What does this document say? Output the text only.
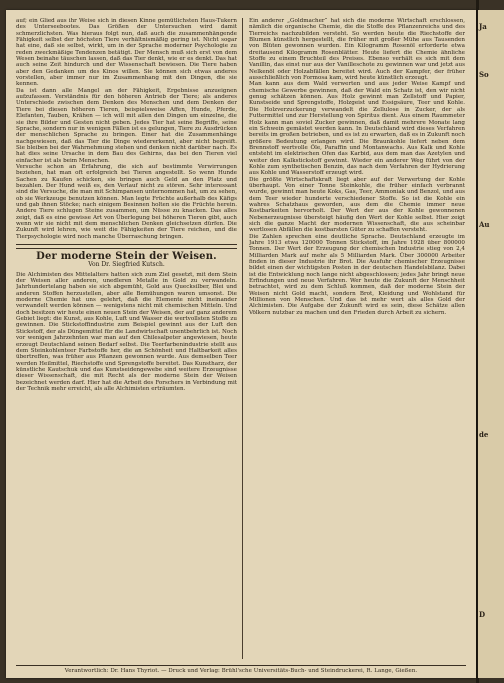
auf; ein Glied aus ihr Weise sich in diesen Kinne gemütlichsten Haus-Tukern des Unterseebootes. Das Größen der Untersuchen wird damit schmerzlichsten. Was hieraus folgt nun, daß auch die zusammenhängende Fähigkeit selbst der höchsten Tiere verhältnismäßig gering ist. Nicht sogar hat eine, daß sie selbst, wirkt, um in der Sprache moderner Psychologie zu reden zweckmäßige Tendenzen betätigt. Der Mensch muß sich erst von dem Wesen beinahe täuschen lassen, daß das Tier denkt, wie er es denkt. Das hat auch seine Zeit hindurch und der Wissenschaft bewiesen. Die Tiere haben aber den Gedanken um des Kinos willen. Sie können sich etwas anderes vorstellen, aber immer nur im Zusammenhang mit den Dingen, die sie kennen.

Da ist dann alle Mangel an der Fähigkeit, Ergebnisse anzueignen aufzufassen. Verständnis für den höheren Antrieb der Tiere; als anderes Unterschiede zwischen dem Denken des Menschen und dem Denken der Tiere bei diesen höheren Tieren, beispielsweise Affen, Hunde, Pferde, Elefanten, Tauben, Krähen — ich will mit allen den Dingen um einzelne, die sie ihre Bilder und Gesten nicht geben. Jedes Tier hat seine Begriffe, seine Sprache, sondern nur in wenigen Fällen ist es gelungen, Tiere zu Ausdrücken der menschlichen Sprache zu bringen. Einer hat die Zusammenhänge nachgewiesen, daß das Tier die Dinge wiedererkennt, aber nicht begreift. Sie bleiben bei der Wahrnehmung stehen und denken nicht darüber nach. Es hat dies seine Ursache in dem Bau des Gehirns, das bei den Tieren viel einfacher ist als beim Menschen.

Versuche schon an Erfahrung, die sich auf bestimmte Verwirrungen beziehen, hat man oft erfolgreich bei Tieren angestellt. So wenn Hunde Sachen zu Kaufen schicken, sie bringen auch Geld an den Platz und bezahlen. Der Hund weiß es, den Verlauf nicht zu stören. Sehr interessant sind die Versuche, die man mit Schimpansen unternommen hat, um zu sehen, ob sie Werkzeuge benutzen können. Man legte Früchte außerhalb des Käfigs und gab ihnen Stöcke; nach einigem Besinnen holten sie die Früchte herein. Andere Tiere schlugen Steine zusammen, um Nüsse zu knacken. Das alles zeigt, daß es eine gewisse Art von Überlegung bei höheren Tieren gibt, auch wenn wir sie nicht mit dem menschlichen Denken gleichsetzen dürfen. Die Zukunft wird lehren, wie weit die Fähigkeiten der Tiere reichen, und die Tierpsychologie wird noch manche Überraschung bringen.

Der moderne Stein der Weisen.
Von Dr. Siegfried Kutsch.

Die Alchimisten des Mittelalters hatten sich zum Ziel gesetzt, mit dem Stein der Weisen aller anderen, unedleren Metalle in Gold zu verwandeln. Jahrhundertelang haben sie sich abgemüht, Gold aus Quecksilber, Blei und anderen Stoffen herzustellen, aber alle Bemühungen waren umsonst. Die moderne Chemie hat uns gelehrt, daß die Elemente nicht ineinander verwandelt werden können — wenigstens nicht mit chemischen Mitteln. Und doch besitzen wir heute einen neuen Stein der Weisen, der auf ganz anderem Gebiet liegt: die Kunst, aus Kohle, Luft und Wasser die wertvollsten Stoffe zu gewinnen. Die Stickstoffindustrie zum Beispiel gewinnt aus der Luft den Stickstoff, der als Düngemittel für die Landwirtschaft unentbehrlich ist. Noch vor wenigen Jahrzehnten war man auf den Chilesalpeter angewiesen, heute erzeugt Deutschland seinen Bedarf selbst. Die Teerfarbenindustrie stellt aus dem Steinkohlenteer Farbstoffe her, die an Schönheit und Haltbarkeit alles übertreffen, was früher aus Pflanzen gewonnen wurde. Aus demselben Teer werden Heilmittel, Riechstoffe und Sprengstoffe bereitet. Das Kunstharz, der künstliche Kautschuk und das Kunstseidengewebe sind weitere Erzeugnisse dieser Wissenschaft, die mit Recht als der moderne Stein der Weisen bezeichnet werden darf. Hier hat die Arbeit des Forschers in Verbindung mit der Technik mehr erreicht, als alle Alchimisten erträumten.

Ein anderer „Goldmacher“ hat sich die moderne Wirtschaft erschlossen, nämlich die organische Chemie, die die Stoffe des Pflanzenreichs und des Tierreichs nachzubilden versteht. So werden heute die Riechstoffe der Blumen künstlich hergestellt, die früher mit großer Mühe aus Tausenden von Blüten gewonnen wurden. Ein Kilogramm Rosenöl erforderte etwa dreitausend Kilogramm Rosenblätter. Heute liefert die Chemie ähnliche Stoffe zu einem Bruchteil des Preises. Ebenso verhält es sich mit dem Vanillin, das einst nur aus der Vanilleschote zu gewinnen war und jetzt aus Nelkenöl oder Holzabfällen bereitet wird. Auch der Kampfer, der früher ausschließlich von Formosa kam, wird heute künstlich erzeugt.

Man kann aus dem Wald verwerten und aus jeder Weise Kampf und chemische Gewerbe gewinnen, daß der Wald ein Schatz ist, den wir nicht genug schätzen können. Aus Holz gewinnt man Zellstoff und Papier, Kunstseide und Sprengstoffe, Holzgeist und Essigsäure, Teer und Kohle. Die Holzverzuckerung verwandelt die Zellulose in Zucker, der als Futtermittel und zur Herstellung von Spiritus dient. Aus einem Raummeter Holz kann man soviel Zucker gewinnen, daß damit mehrere Monate lang ein Schwein gemästet werden kann. In Deutschland wird dieses Verfahren bereits im großen betrieben, und es ist zu erwarten, daß es in Zukunft noch größere Bedeutung erlangen wird. Die Braunkohle liefert neben dem Brennstoff wertvolle Öle, Paraffin und Montanwachs. Aus Kalk und Kohle entsteht im elektrischen Ofen das Karbid, aus dem man das Azetylen und weiter den Kalkstickstoff gewinnt. Wieder ein anderer Weg führt von der Kohle zum synthetischen Benzin, das nach dem Verfahren der Hydrierung aus Kohle und Wasserstoff erzeugt wird.

Die größte Wirtschaftskraft liegt aber auf der Verwertung der Kohle überhaupt. Von einer Tonne Steinkohle, die früher einfach verbrannt wurde, gewinnt man heute Koks, Gas, Teer, Ammoniak und Benzol, und aus dem Teer wieder hunderte verschiedener Stoffe. So ist die Kohle ein wahres Schatzhaus geworden, aus dem die Chemie immer neue Kostbarkeiten hervorholt. Der Wert der aus der Kohle gewonnenen Nebenerzeugnisse übersteigt häufig den Wert der Kohle selbst. Hier zeigt sich die ganze Macht der modernen Wissenschaft, die aus scheinbar wertlosen Abfällen die kostbarsten Güter zu schaffen versteht.

Die Zahlen sprechen eine deutliche Sprache. Deutschland erzeugte im Jahre 1913 etwa 120000 Tonnen Stickstoff, im Jahre 1928 über 800000 Tonnen. Der Wert der Erzeugung der chemischen Industrie stieg von 2,4 Milliarden Mark auf mehr als 5 Milliarden Mark. Über 300000 Arbeiter finden in dieser Industrie ihr Brot. Die Ausfuhr chemischer Erzeugnisse bildet einen der wichtigsten Posten in der deutschen Handelsbilanz. Dabei ist die Entwicklung noch lange nicht abgeschlossen; jedes Jahr bringt neue Erfindungen und neue Verfahren. Wer heute die Zukunft der Menschheit betrachtet, wird zu dem Schluß kommen, daß der moderne Stein der Weisen nicht Gold macht, sondern Brot, Kleidung und Wohlstand für Millionen von Menschen. Und das ist mehr wert als alles Gold der Alchimisten. Die Aufgabe der Zukunft wird es sein, diese Schätze allen Völkern nutzbar zu machen und den Frieden durch Arbeit zu sichern.

Verantwortlich: Dr. Hans Thyriot. — Druck und Verlag: Brühl'sche Universitäts-Buch- und Steindruckerei, R. Lange, Gießen.
Ja
So
Au
de
D
